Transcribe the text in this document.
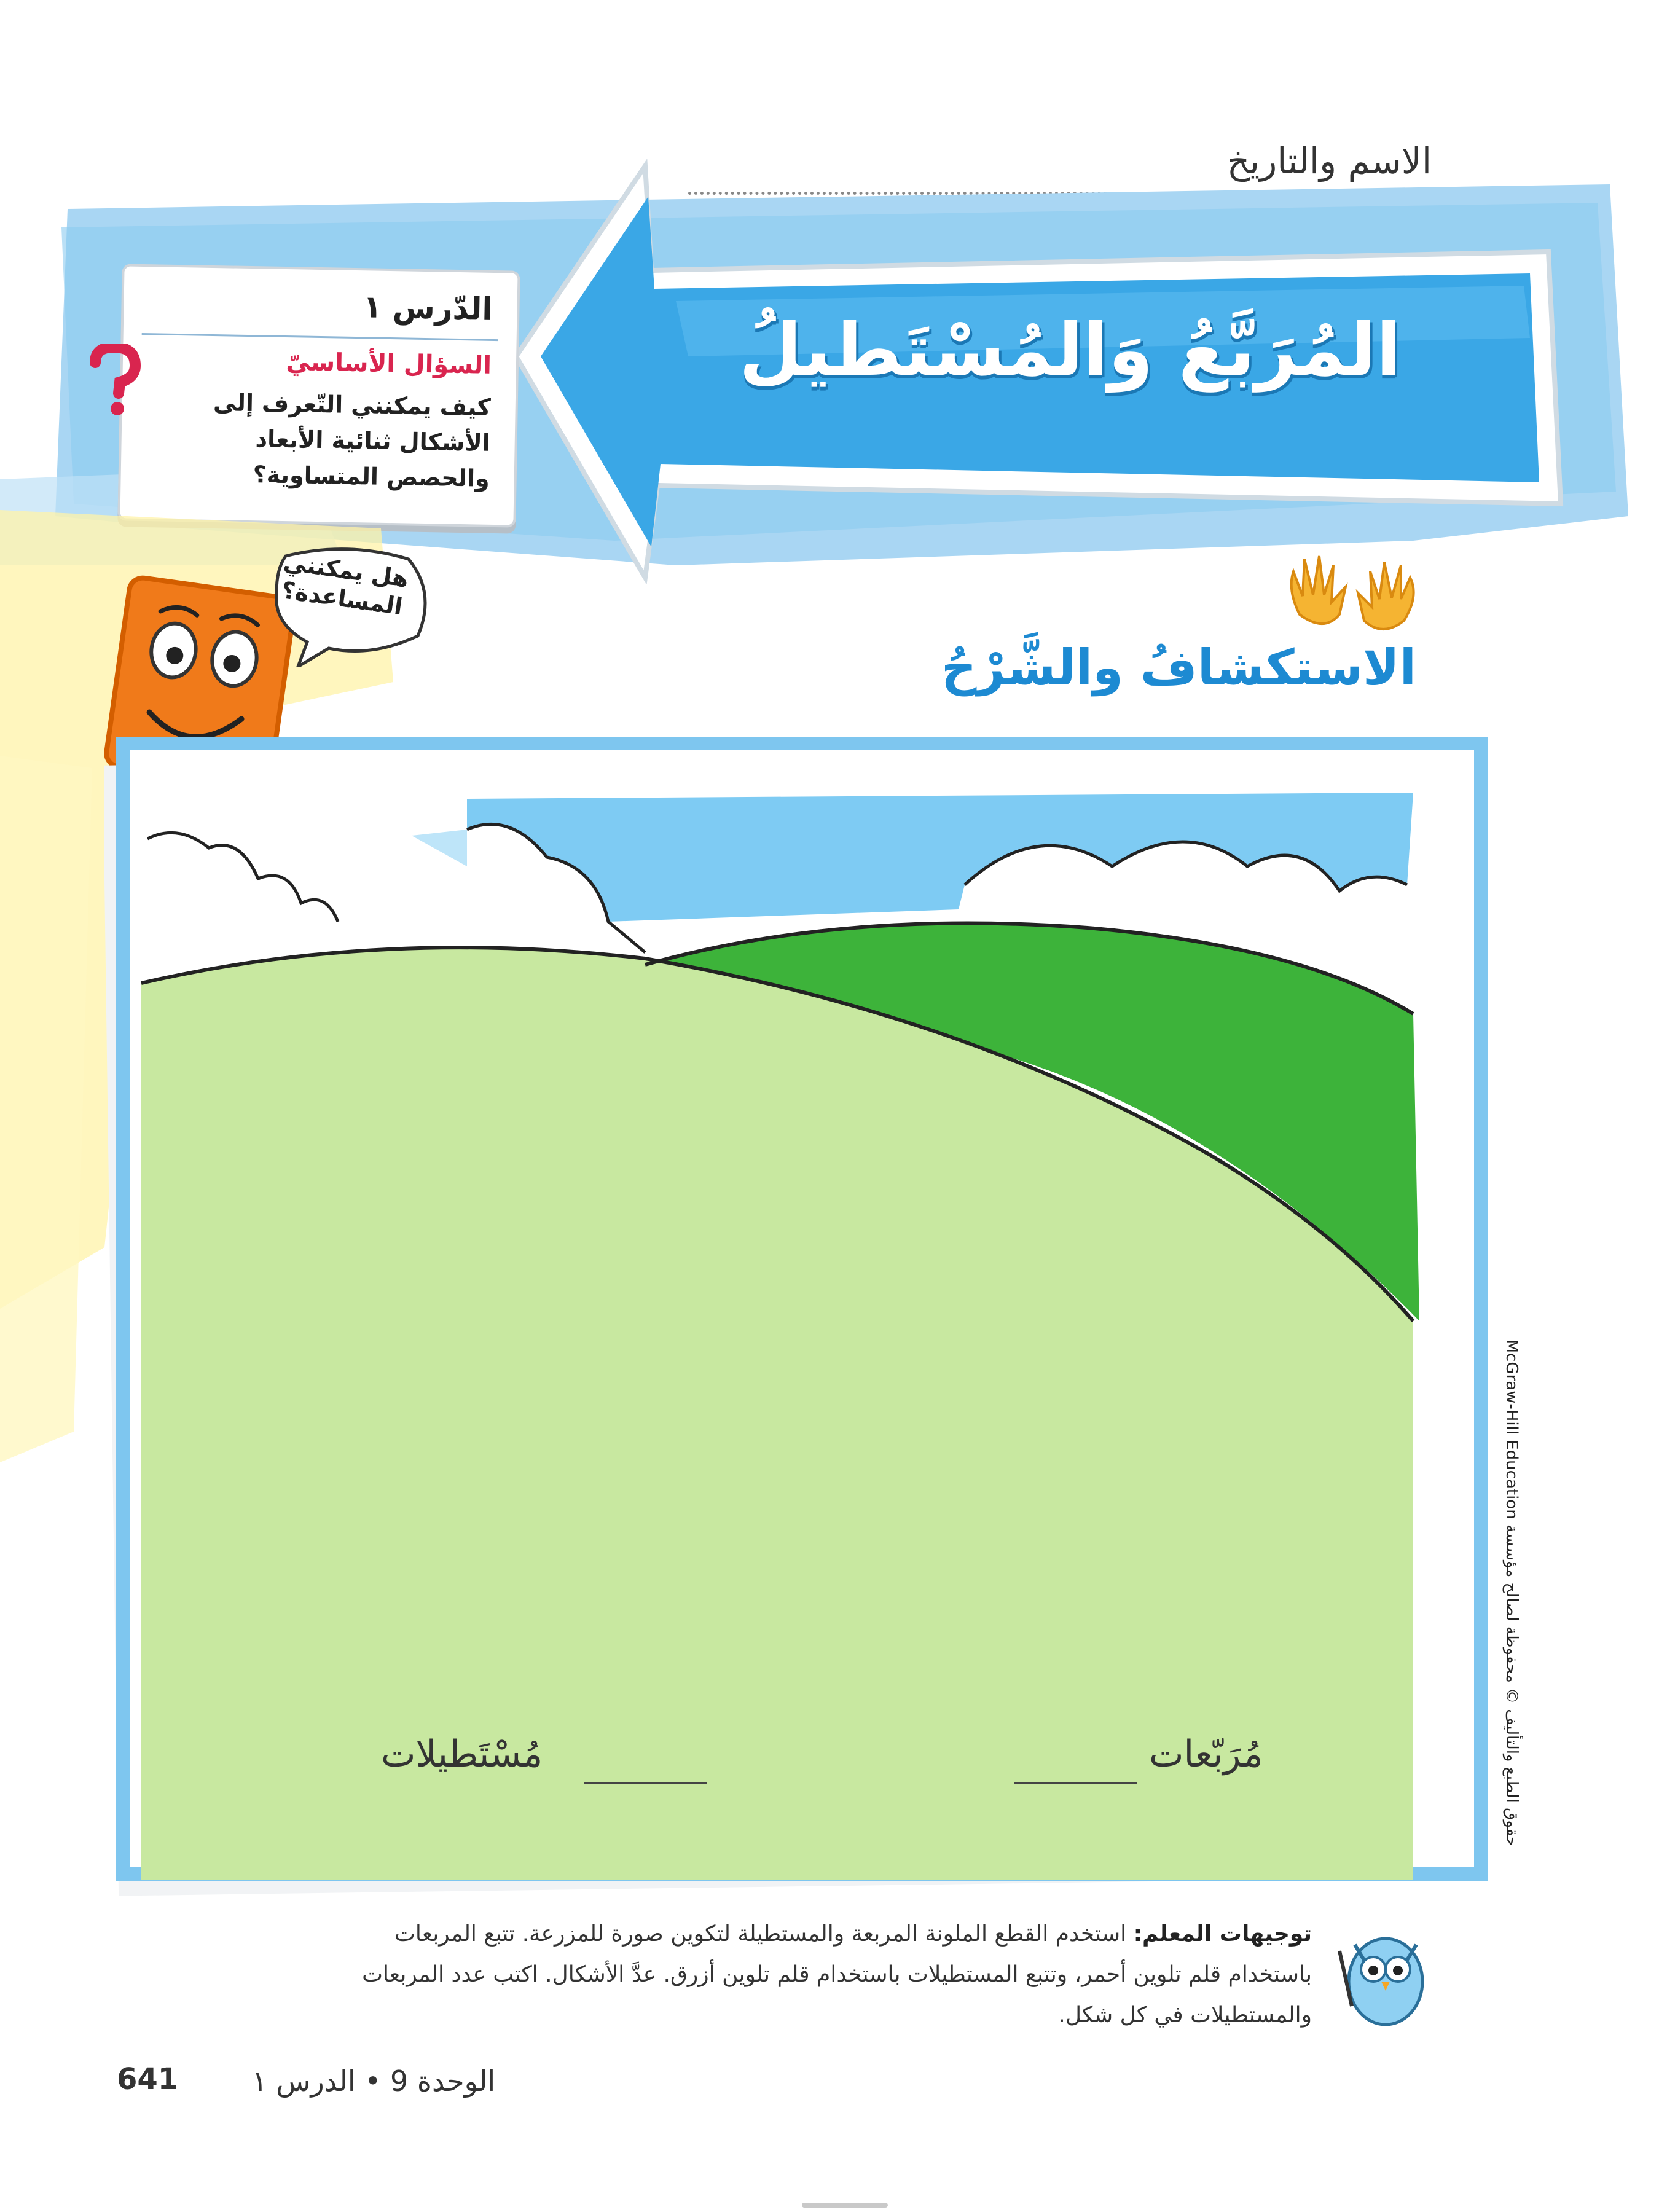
الاسم والتاريخ
المُرَبَّعُ وَالمُسْتَطيلُ
الدّرس ١
السؤال الأساسيّ
كيف يمكنني التّعرف إلى الأشكال ثنائية الأبعاد والحصص المتساوية؟
هل يمكنني المساعدة؟
الاستكشافُ والشَّرْحُ
مُرَبّعات
مُسْتَطيلات
توجيهات المعلم: استخدم القطع الملونة المربعة والمستطيلة لتكوين صورة للمزرعة. تتبع المربعات باستخدام قلم تلوين أحمر، وتتبع المستطيلات باستخدام قلم تلوين أزرق. عدَّ الأشكال. اكتب عدد المربعات والمستطيلات في كل شكل.
حقوق الطبع والتأليف © محفوظة لصالح مؤسسة McGraw-Hill Education
الوحدة 9 • الدرس ١
641
